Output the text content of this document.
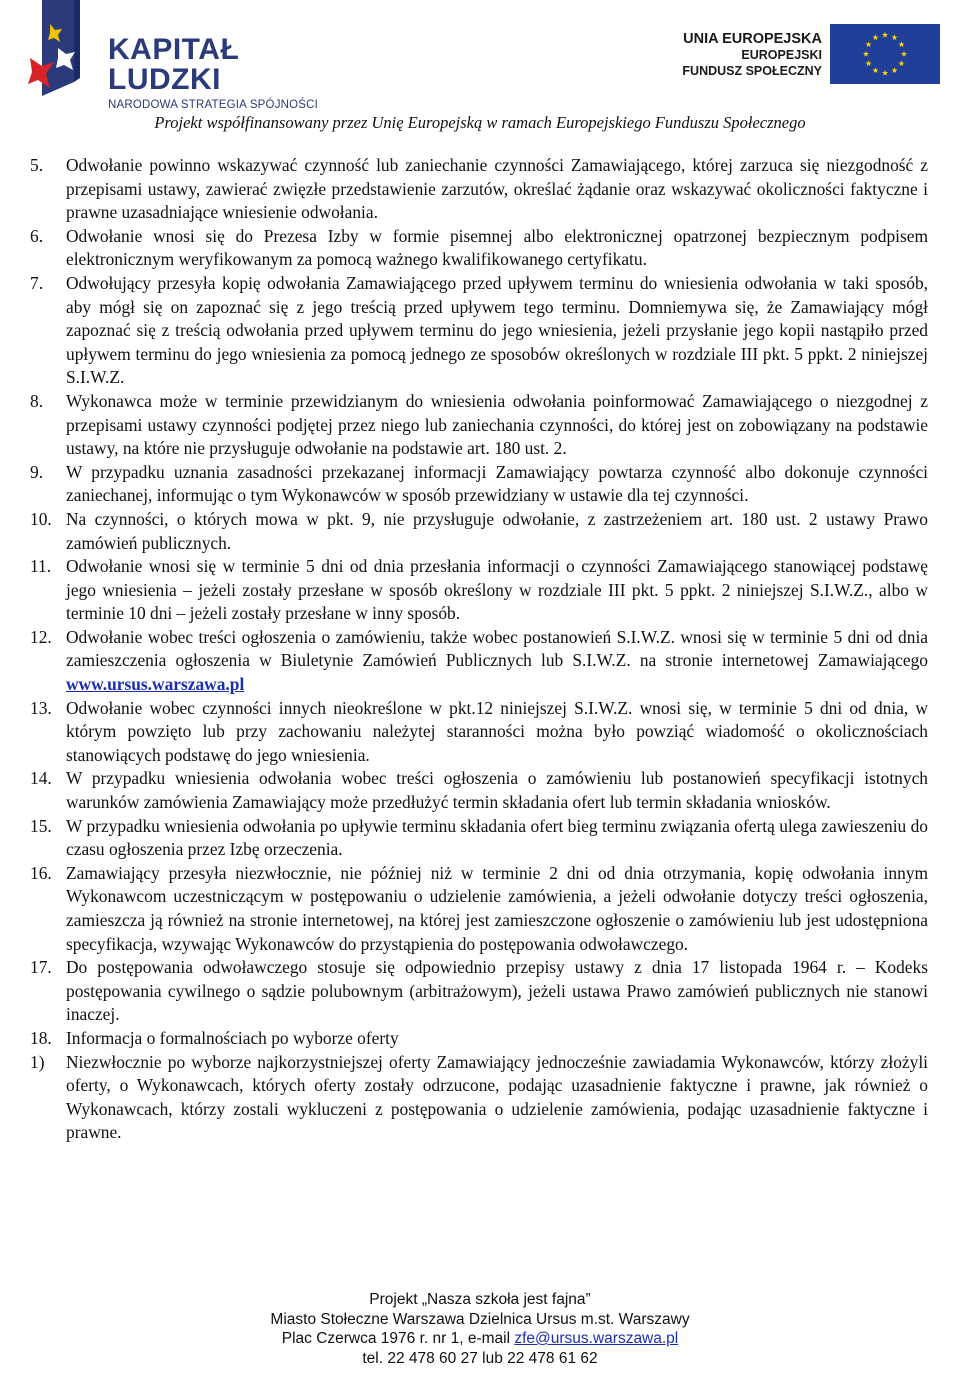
KAPITAŁ LUDZKI
NARODOWA STRATEGIA SPÓJNOŚCI
UNIA EUROPEJSKA
EUROPEJSKI
FUNDUSZ SPOŁECZNY
Projekt współfinansowany przez Unię Europejską w ramach Europejskiego Funduszu Społecznego
5.	Odwołanie powinno wskazywać czynność lub zaniechanie czynności Zamawiającego, której zarzuca się niezgodność z przepisami ustawy, zawierać zwięzłe przedstawienie zarzutów, określać żądanie oraz wskazywać okoliczności faktyczne i prawne uzasadniające wniesienie odwołania.
6.	Odwołanie wnosi się do Prezesa Izby w formie pisemnej albo elektronicznej opatrzonej bezpiecznym podpisem elektronicznym weryfikowanym za pomocą ważnego kwalifikowanego certyfikatu.
7.	Odwołujący przesyła kopię odwołania Zamawiającego przed upływem terminu do wniesienia odwołania w taki sposób, aby mógł się on zapoznać się z jego treścią przed upływem tego terminu. Domniemywa się, że Zamawiający mógł zapoznać się z treścią odwołania przed upływem terminu do jego wniesienia, jeżeli przysłanie jego kopii nastąpiło przed upływem terminu do jego wniesienia za pomocą jednego ze sposobów określonych w rozdziale III pkt. 5 ppkt. 2 niniejszej S.I.W.Z.
8.	Wykonawca może w terminie przewidzianym do wniesienia odwołania poinformować Zamawiającego o niezgodnej z przepisami ustawy czynności podjętej przez niego lub zaniechania czynności, do której jest on zobowiązany na podstawie ustawy, na które nie przysługuje odwołanie na podstawie art. 180 ust. 2.
9.	W przypadku uznania zasadności przekazanej informacji Zamawiający powtarza czynność albo dokonuje czynności zaniechanej, informując o tym Wykonawców w sposób przewidziany w ustawie dla tej czynności.
10. Na czynności, o których mowa w pkt. 9, nie przysługuje odwołanie, z zastrzeżeniem art. 180 ust. 2 ustawy Prawo zamówień publicznych.
11. Odwołanie wnosi się w terminie 5 dni od dnia przesłania informacji o czynności Zamawiającego stanowiącej podstawę jego wniesienia – jeżeli zostały przesłane w sposób określony w rozdziale III pkt. 5 ppkt. 2 niniejszej S.I.W.Z., albo w terminie 10 dni – jeżeli zostały przesłane w inny sposób.
12. Odwołanie wobec treści ogłoszenia o zamówieniu, także wobec postanowień S.I.W.Z. wnosi się w terminie 5 dni od dnia zamieszczenia ogłoszenia w Biuletynie Zamówień Publicznych lub S.I.W.Z. na stronie internetowej Zamawiającego www.ursus.warszawa.pl
13. Odwołanie wobec czynności innych nieokreślone w pkt.12 niniejszej S.I.W.Z. wnosi się, w terminie 5 dni od dnia, w którym powzięto lub przy zachowaniu należytej staranności można było powziąć wiadomość o okolicznościach stanowiących podstawę do jego wniesienia.
14. W przypadku wniesienia odwołania wobec treści ogłoszenia o zamówieniu lub postanowień specyfikacji istotnych warunków zamówienia Zamawiający może przedłużyć termin składania ofert lub termin składania wniosków.
15. W przypadku wniesienia odwołania po upływie terminu składania ofert bieg terminu związania ofertą ulega zawieszeniu do czasu ogłoszenia przez Izbę orzeczenia.
16. Zamawiający przesyła niezwłocznie, nie później niż w terminie 2 dni od dnia otrzymania, kopię odwołania innym Wykonawcom uczestniczącym w postępowaniu o udzielenie zamówienia, a jeżeli odwołanie dotyczy treści ogłoszenia, zamieszcza ją również na stronie internetowej, na której jest zamieszczone ogłoszenie o zamówieniu lub jest udostępniona specyfikacja, wzywając Wykonawców do przystąpienia do postępowania odwoławczego.
17. Do postępowania odwoławczego stosuje się odpowiednio przepisy ustawy z dnia 17 listopada 1964 r. – Kodeks postępowania cywilnego o sądzie polubownym (arbitrażowym), jeżeli ustawa Prawo zamówień publicznych nie stanowi inaczej.
18. Informacja o formalnościach po wyborze oferty
1)	Niezwłocznie po wyborze najkorzystniejszej oferty Zamawiający jednocześnie zawiadamia Wykonawców, którzy złożyli oferty, o Wykonawcach, których oferty zostały odrzucone, podając uzasadnienie faktyczne i prawne, jak również o Wykonawcach, którzy zostali wykluczeni z postępowania o udzielenie zamówienia, podając uzasadnienie faktyczne i prawne.
Projekt „Nasza szkoła jest fajna”
Miasto Stołeczne Warszawa Dzielnica Ursus m.st. Warszawy
Plac Czerwca 1976 r. nr 1, e-mail zfe@ursus.warszawa.pl
tel. 22 478 60 27 lub 22 478 61 62
